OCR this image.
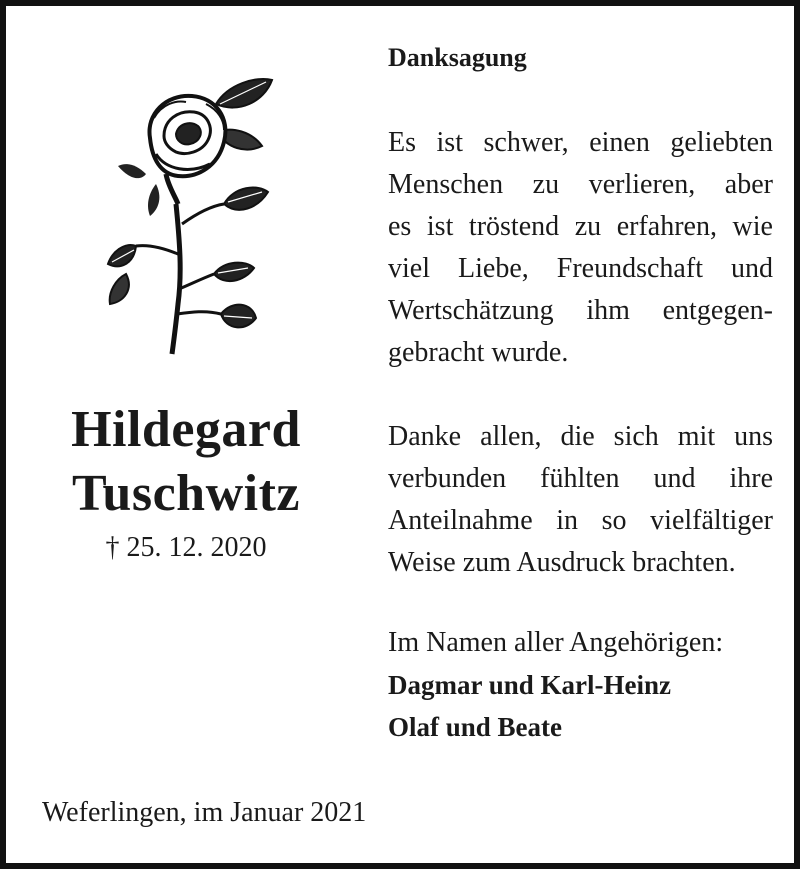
Hildegard
Tuschwitz
† 25. 12. 2020
Danksagung
Es ist schwer, einen geliebten
Menschen zu verlieren, aber
es ist tröstend zu erfahren, wie
viel Liebe, Freundschaft und
Wertschätzung ihm entgegen-
gebracht wurde.
Danke allen, die sich mit uns
verbunden fühlten und ihre
Anteilnahme in so vielfältiger
Weise zum Ausdruck brachten.
Im Namen aller Angehörigen:
Dagmar und Karl-Heinz
Olaf und Beate
Weferlingen, im Januar 2021
